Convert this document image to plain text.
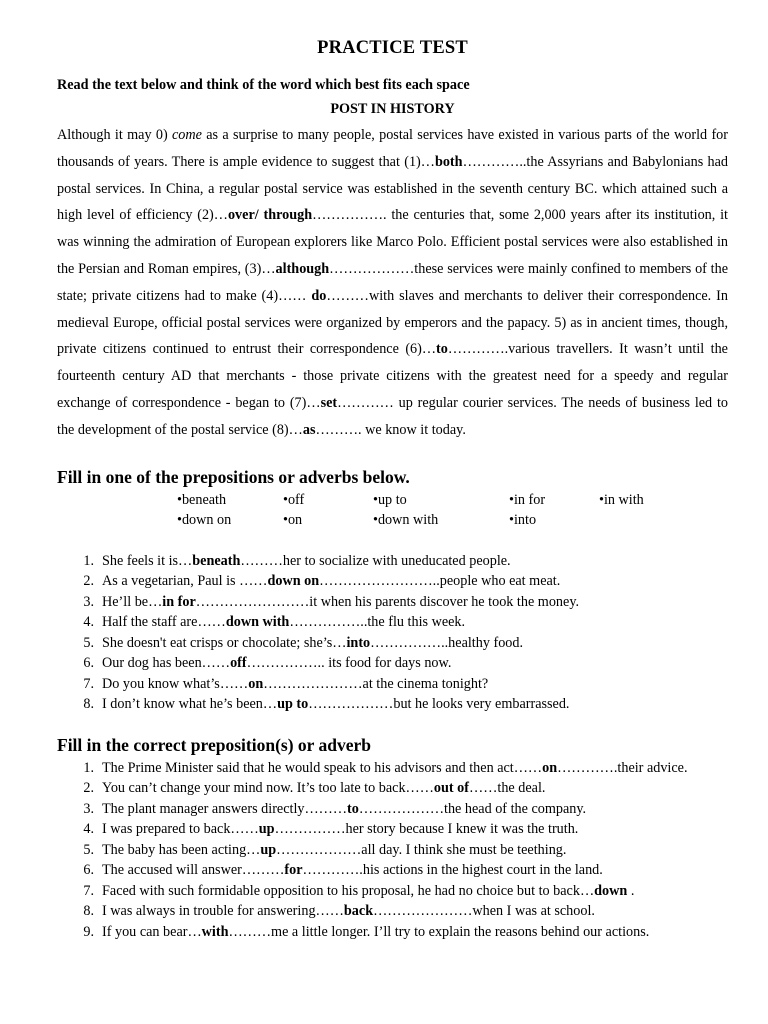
PRACTICE TEST
Read the text below and think of the word which best fits each space
POST IN HISTORY

Although it may 0) come as a surprise to many people, postal services have existed in various parts of the world for thousands of years. There is ample evidence to suggest that (1)…both…………..the Assyrians and Babylonians had postal services. In China, a regular postal service was established in the seventh century BC. which attained such a high level of efficiency (2)…over/ through……………. the centuries that, some 2,000 years after its institution, it was winning the admiration of European explorers like Marco Polo. Efficient postal services were also established in the Persian and Roman empires, (3)…although………………these services were mainly confined to members of the state; private citizens had to make (4)…… do………with slaves and merchants to deliver their correspondence. In medieval Europe, official postal services were organized by emperors and the papacy. 5) as in ancient times, though, private citizens continued to entrust their correspondence (6)…to………….various travellers. It wasn’t until the fourteenth century AD that merchants - those private citizens with the greatest need for a speedy and regular exchange of correspondence - began to (7)…set………… up regular courier services. The needs of business led to the development of the postal service (8)…as………. we know it today.

Fill in one of the prepositions or adverbs below.
•beneath	•off	•up to	•in for	•in with
•down on	•on	•down with	•into
1. She feels it is…beneath………her to socialize with uneducated people.
2. As a vegetarian, Paul is ……down on……………………..people who eat meat.
3. He’ll be…in for……………………it when his parents discover he took the money.
4. Half the staff are……down with……………..the flu this week.
5. She doesn't eat crisps or chocolate; she’s…into……………..healthy food.
6. Our dog has been……off…………….. its food for days now.
7. Do you know what’s……on…………………at the cinema tonight?
8. I don’t know what he’s been…up to………………but he looks very embarrassed.
Fill in the correct preposition(s) or adverb
1. The Prime Minister said that he would speak to his advisors and then act……on………….their advice.
2. You can’t change your mind now. It’s too late to back……out of……the deal.
3. The plant manager answers directly………to………………the head of the company.
4. I was prepared to back……up……………her story because I knew it was the truth.
5. The baby has been acting…up………………all day. I think she must be teething.
6. The accused will answer………for………….his actions in the highest court in the land.
7. Faced with such formidable opposition to his proposal, he had no choice but to back…down .
8. I was always in trouble for answering……back…………………when I was at school.
9. If you can bear…with………me a little longer. I’ll try to explain the reasons behind our actions.
